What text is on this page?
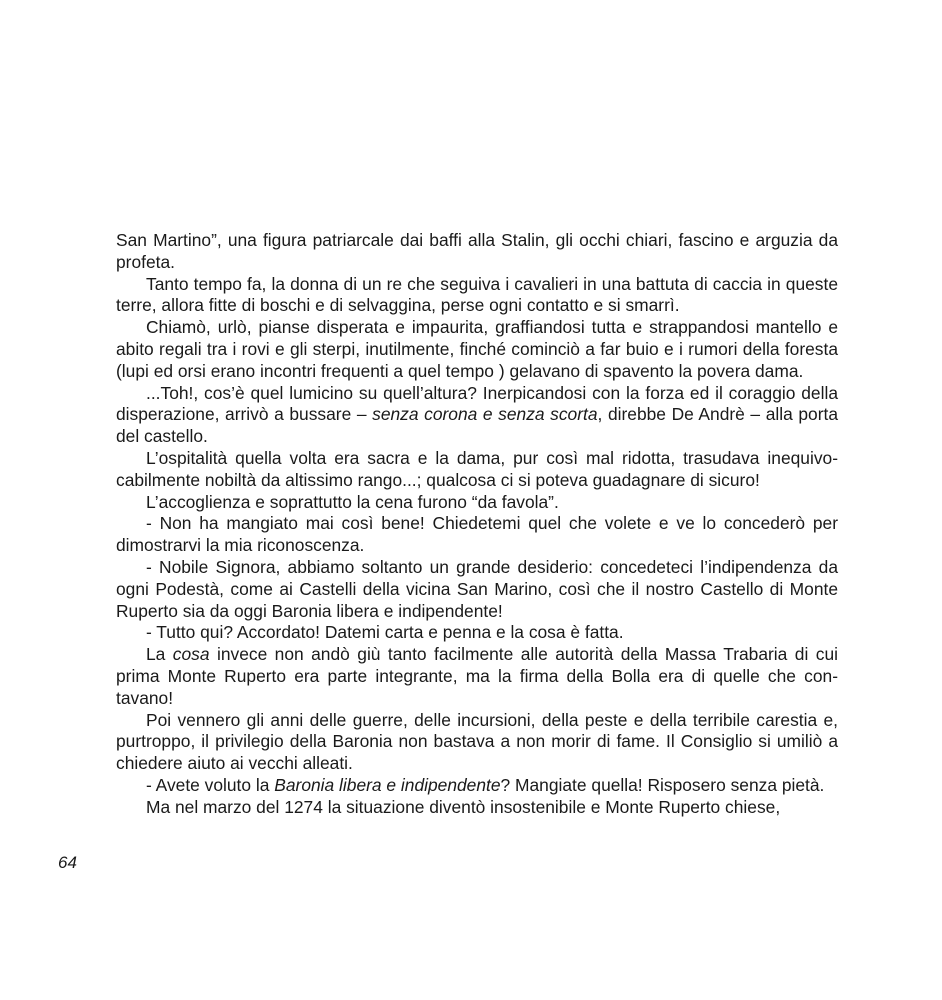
San Martino”, una figura patriarcale dai baffi alla Stalin, gli occhi chiari, fascino e arguzia da profeta.

Tanto tempo fa, la donna di un re che seguiva i cavalieri in una battuta di caccia in queste terre, allora fitte di boschi e di selvaggina, perse ogni contatto e si smarrì.

Chiamò, urlò, pianse disperata e impaurita, graffiandosi tutta e strappandosi mantello e abito regali tra i rovi e gli sterpi, inutilmente, finché cominciò a far buio e i rumori della foresta (lupi ed orsi erano incontri frequenti a quel tempo ) gelavano di spavento la povera dama.

...Toh!, cos’è quel lumicino su quell’altura? Inerpicandosi con la forza ed il coraggio della disperazione, arrivò a bussare – senza corona e senza scorta, direbbe De Andrè – alla porta del castello.

L’ospitalità quella volta era sacra e la dama, pur così mal ridotta, trasudava inequivocabilmente nobiltà da altissimo rango...; qualcosa ci si poteva guadagnare di sicuro!

L’accoglienza e soprattutto la cena furono “da favola”.

- Non ha mangiato mai così bene! Chiedetemi quel che volete e ve lo concederò per dimostrarvi la mia riconoscenza.

- Nobile Signora, abbiamo soltanto un grande desiderio: concedeteci l’indipendenza da ogni Podestà, come ai Castelli della vicina San Marino, così che il nostro Castello di Monte Ruperto sia da oggi Baronia libera e indipendente!

- Tutto qui? Accordato! Datemi carta e penna e la cosa è fatta.

La cosa invece non andò giù tanto facilmente alle autorità della Massa Trabaria di cui prima Monte Ruperto era parte integrante, ma la firma della Bolla era di quelle che contavano!

Poi vennero gli anni delle guerre, delle incursioni, della peste e della terribile carestia e, purtroppo, il privilegio della Baronia non bastava a non morir di fame. Il Consiglio si umiliò a chiedere aiuto ai vecchi alleati.

- Avete voluto la Baronia libera e indipendente? Mangiate quella! Risposero senza pietà.

Ma nel marzo del 1274 la situazione diventò insostenibile e Monte Ruperto chiese,

64
